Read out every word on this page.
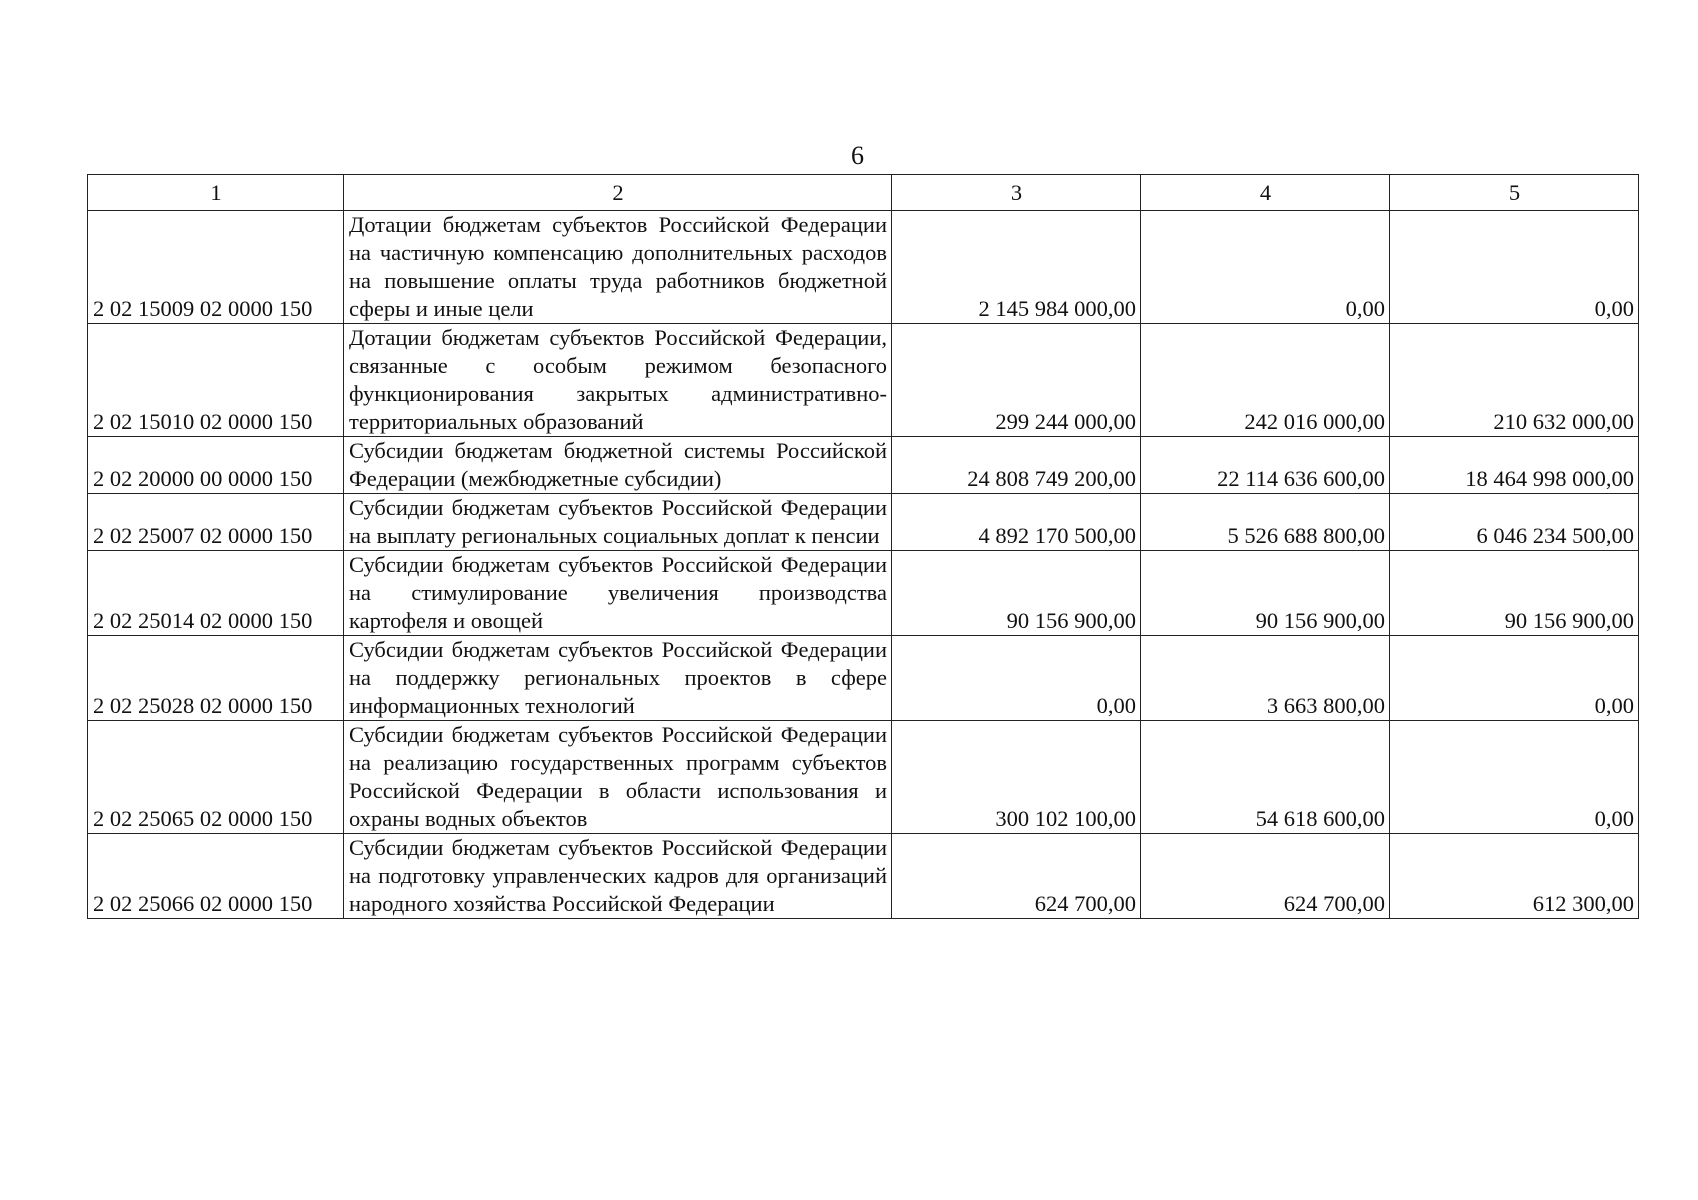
6
1	2	3	4	5
2 02 15009 02 0000 150	Дотации бюджетам субъектов Российской Федерации на частичную компенсацию дополнительных расходов на повышение оплаты труда работников бюджетной сферы и иные цели	2 145 984 000,00	0,00	0,00
2 02 15010 02 0000 150	Дотации бюджетам субъектов Российской Федерации, связанные с особым режимом безопасного функционирования закрытых административно-территориальных образований	299 244 000,00	242 016 000,00	210 632 000,00
2 02 20000 00 0000 150	Субсидии бюджетам бюджетной системы Российской Федерации (межбюджетные субсидии)	24 808 749 200,00	22 114 636 600,00	18 464 998 000,00
2 02 25007 02 0000 150	Субсидии бюджетам субъектов Российской Федерации на выплату региональных социальных доплат к пенсии	4 892 170 500,00	5 526 688 800,00	6 046 234 500,00
2 02 25014 02 0000 150	Субсидии бюджетам субъектов Российской Федерации на стимулирование увеличения производства картофеля и овощей	90 156 900,00	90 156 900,00	90 156 900,00
2 02 25028 02 0000 150	Субсидии бюджетам субъектов Российской Федерации на поддержку региональных проектов в сфере информационных технологий	0,00	3 663 800,00	0,00
2 02 25065 02 0000 150	Субсидии бюджетам субъектов Российской Федерации на реализацию государственных программ субъектов Российской Федерации в области использования и охраны водных объектов	300 102 100,00	54 618 600,00	0,00
2 02 25066 02 0000 150	Субсидии бюджетам субъектов Российской Федерации на подготовку управленческих кадров для организаций народного хозяйства Российской Федерации	624 700,00	624 700,00	612 300,00
